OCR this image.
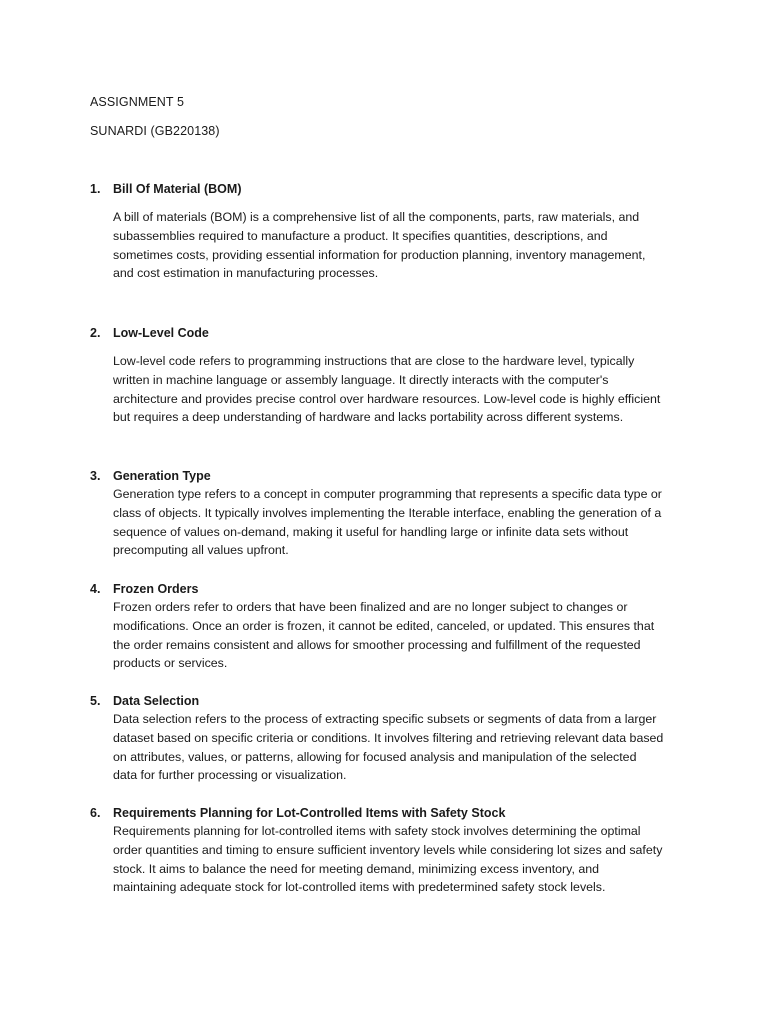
ASSIGNMENT 5
SUNARDI (GB220138)
1. Bill Of Material (BOM)
A bill of materials (BOM) is a comprehensive list of all the components, parts, raw materials, and
subassemblies required to manufacture a product. It specifies quantities, descriptions, and
sometimes costs, providing essential information for production planning, inventory management,
and cost estimation in manufacturing processes.
2. Low-Level Code
Low-level code refers to programming instructions that are close to the hardware level, typically
written in machine language or assembly language. It directly interacts with the computer's
architecture and provides precise control over hardware resources. Low-level code is highly efficient
but requires a deep understanding of hardware and lacks portability across different systems.
3. Generation Type
Generation type refers to a concept in computer programming that represents a specific data type or
class of objects. It typically involves implementing the Iterable interface, enabling the generation of a
sequence of values on-demand, making it useful for handling large or infinite data sets without
precomputing all values upfront.
4. Frozen Orders
Frozen orders refer to orders that have been finalized and are no longer subject to changes or
modifications. Once an order is frozen, it cannot be edited, canceled, or updated. This ensures that
the order remains consistent and allows for smoother processing and fulfillment of the requested
products or services.
5. Data Selection
Data selection refers to the process of extracting specific subsets or segments of data from a larger
dataset based on specific criteria or conditions. It involves filtering and retrieving relevant data based
on attributes, values, or patterns, allowing for focused analysis and manipulation of the selected
data for further processing or visualization.
6. Requirements Planning for Lot-Controlled Items with Safety Stock
Requirements planning for lot-controlled items with safety stock involves determining the optimal
order quantities and timing to ensure sufficient inventory levels while considering lot sizes and safety
stock. It aims to balance the need for meeting demand, minimizing excess inventory, and
maintaining adequate stock for lot-controlled items with predetermined safety stock levels.
